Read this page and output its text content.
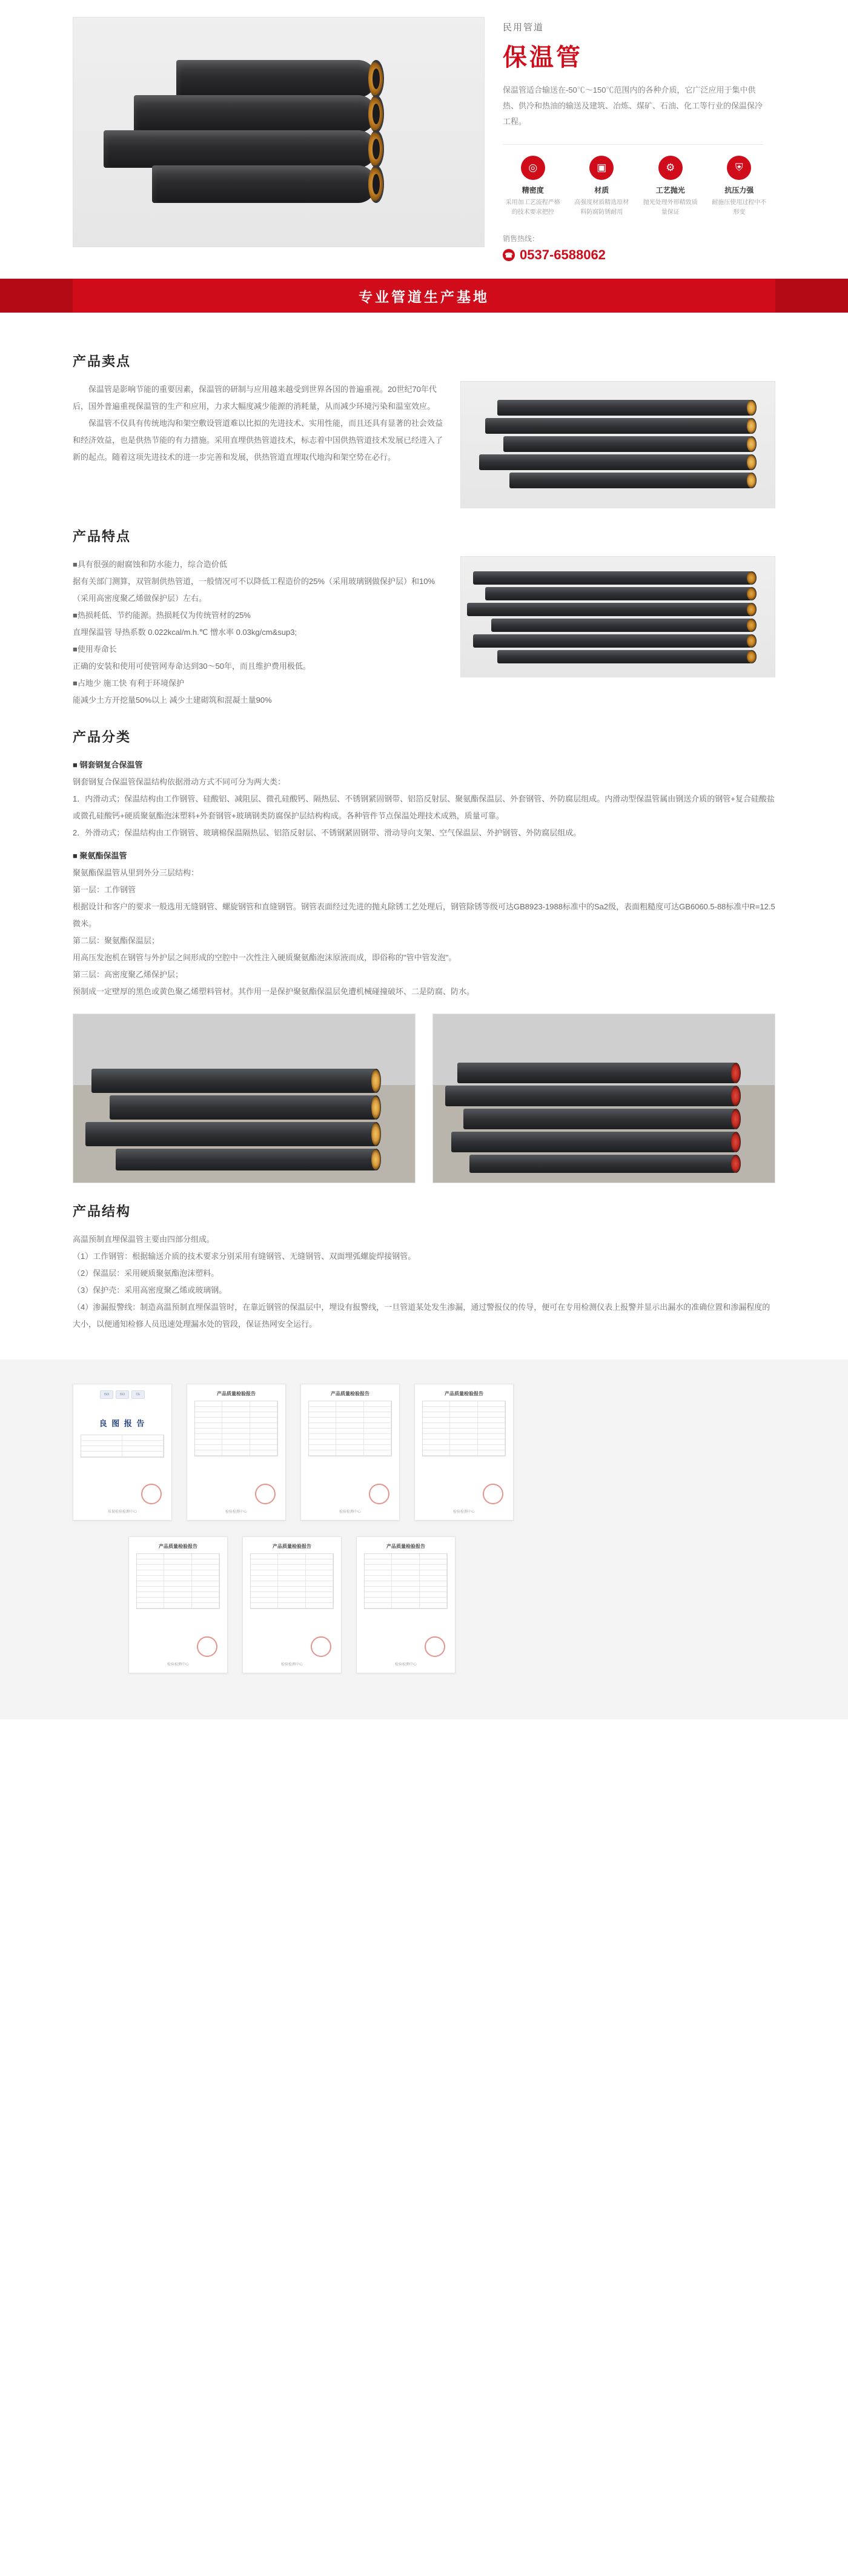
民用管道
保温管
保温管适合输送在-50℃～150℃范围内的各种介质，它广泛应用于集中供热、供冷和热油的输送及建筑、冶炼、煤矿、石油、化工等行业的保温保冷工程。
◎
精密度
采用加工艺流程严格的技术要求把控
▣
材质
高强度材质精选原材料防腐防锈耐用
⚙
工艺抛光
抛光处理外形精致质量保证
⛨
抗压力强
耐施压使用过程中不形变
销售热线：
☎ 0537-6588062
专业管道生产基地
产品卖点

保温管是影响节能的重要因素，保温管的研制与应用越来越受到世界各国的普遍重视。20世纪70年代后，国外普遍重视保温管的生产和应用，力求大幅度减少能源的消耗量，从而减少环境污染和温室效应。

保温管不仅具有传统地沟和架空敷设管道难以比拟的先进技术、实用性能，而且还具有显著的社会效益和经济效益，也是供热节能的有力措施。采用直埋供热管道技术，标志着中国供热管道技术发展已经进入了新的起点。随着这项先进技术的进一步完善和发展，供热管道直埋取代地沟和架空势在必行。

产品特点

■具有很强的耐腐蚀和防水能力，综合造价低

据有关部门测算，双管制供热管道，一般情况可不以降低工程造价的25%（采用玻璃钢做保护层）和10%（采用高密度聚乙烯做保护层）左右。

■热损耗低、节约能源。热损耗仅为传统管材的25%

直埋保温管 导热系数 0.022kcal/m.h.℃ 憎水率 0.03kg/cm&sup3;

■使用寿命长

正确的安装和使用可使管网寿命达到30～50年，而且维护费用极低。

■占地少 施工快 有利于环境保护

能减少土方开挖量50%以上 减少土建砌筑和混凝土量90%

产品分类

■ 钢套钢复合保温管

钢套钢复合保温管保温结构依据滑动方式不同可分为两大类：

1．内滑动式；保温结构由工作钢管、硅酸铝、减阻层、微孔硅酸钙、隔热层、不锈钢紧固钢带、铝箔反射层、聚氨酯保温层、外套钢管、外防腐层组成。内滑动型保温管属由钢送介质的钢管+复合硅酸盐或微孔硅酸钙+硬质聚氨酯泡沫塑料+外套钢管+玻璃钢类防腐保护层结构构成。各种管件节点保温处理技术成熟，质量可靠。

2．外滑动式；保温结构由工作钢管、玻璃棉保温隔热层、铝箔反射层、不锈钢紧固钢带、滑动导向支架、空气保温层、外护钢管、外防腐层组成。

■ 聚氨酯保温管

聚氨酯保温管从里到外分三层结构：

第一层：工作钢管

根据设计和客户的要求一般选用无缝钢管、螺旋钢管和直缝钢管。钢管表面经过先进的抛丸除锈工艺处理后，钢管除锈等级可达GB8923-1988标准中的Sa2级，表面粗糙度可达GB6060.5-88标准中R=12.5微米。

第二层：聚氨酯保温层；

用高压发泡机在钢管与外护层之间形成的空腔中一次性注入硬质聚氨酯泡沫原液而成，即俗称的"管中管发泡"。

第三层：高密度聚乙烯保护层；

预制成一定壁厚的黑色或黄色聚乙烯塑料管材。其作用一是保护聚氨酯保温层免遭机械碰撞破坏、二是防腐、防水。

产品结构

高温预制直埋保温管主要由四部分组成。

（1）工作钢管：根据输送介质的技术要求分别采用有缝钢管、无缝钢管、双面埋弧螺旋焊接钢管。

（2）保温层：采用硬质聚氨酯泡沫塑料。

（3）保护壳：采用高密度聚乙烯或玻璃钢。

（4）渗漏报警线：制造高温预制直埋保温管时，在靠近钢管的保温层中，埋设有报警线，一旦管道某处发生渗漏，通过警报仪的传导，便可在专用检测仪表上报警并显示出漏水的准确位置和渗漏程度的大小，以便通知检修人员迅速处理漏水处的管段，保证热网安全运行。

ISO	ISO	CE
良 图 报 告
质量检验检测中心
产品质量检验报告
检验检测中心
产品质量检验报告
检验检测中心
产品质量检验报告
检验检测中心
产品质量检验报告
检验检测中心
产品质量检验报告
检验检测中心
产品质量检验报告
检验检测中心
